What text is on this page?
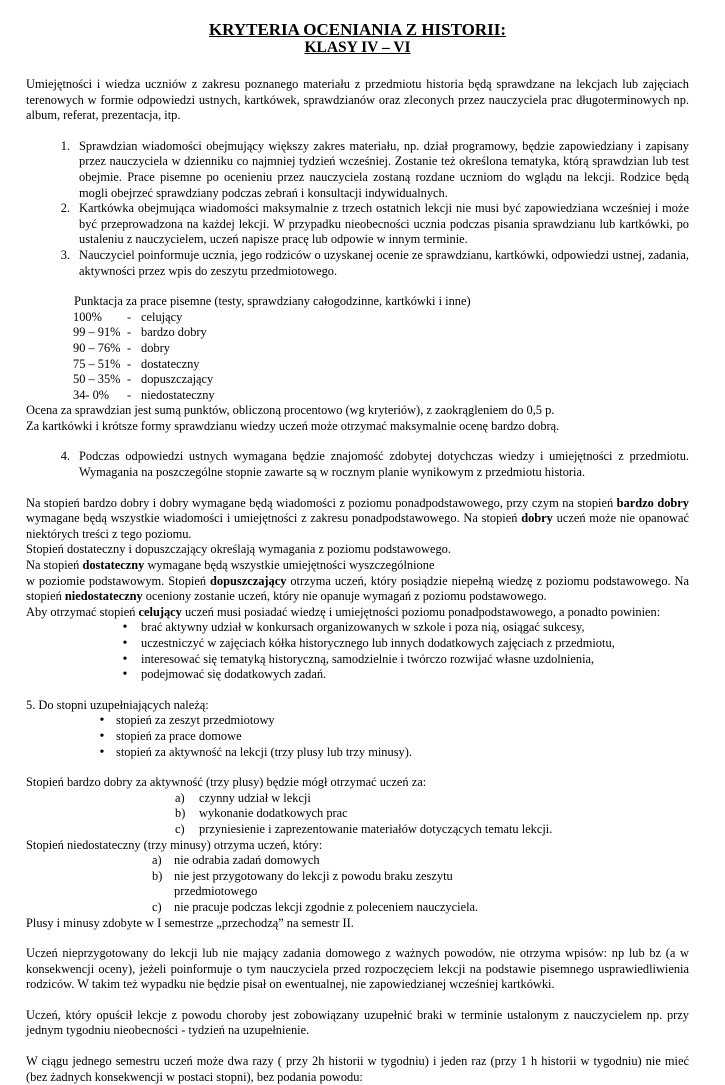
KRYTERIA OCENIANIA Z HISTORII:
KLASY IV – VI

Umiejętności i wiedza uczniów z zakresu poznanego materiału z przedmiotu historia będą sprawdzane na lekcjach lub zajęciach terenowych w formie odpowiedzi ustnych, kartkówek, sprawdzianów oraz zleconych przez nauczyciela prac długoterminowych np. album, referat, prezentacja, itp.

1. Sprawdzian wiadomości obejmujący większy zakres materiału, np. dział programowy, będzie zapowiedziany i zapisany przez nauczyciela w dzienniku co najmniej tydzień wcześniej. Zostanie też określona tematyka, którą sprawdzian lub test obejmie. Prace pisemne po ocenieniu przez nauczyciela zostaną rozdane uczniom do wglądu na lekcji. Rodzice będą mogli obejrzeć sprawdziany podczas zebrań i konsultacji indywidualnych.
2. Kartkówka obejmująca wiadomości maksymalnie z trzech ostatnich lekcji nie musi być zapowiedziana wcześniej i może być przeprowadzona na każdej lekcji. W przypadku nieobecności ucznia podczas pisania sprawdzianu lub kartkówki, po ustaleniu z nauczycielem, uczeń napisze pracę lub odpowie w innym terminie.
3. Nauczyciel poinformuje ucznia, jego rodziców o uzyskanej ocenie ze sprawdzianu, kartkówki, odpowiedzi ustnej, zadania, aktywności przez wpis do zeszytu przedmiotowego.

Punktacja za prace pisemne (testy, sprawdziany całogodzinne, kartkówki i inne)

100%	- celujący
99 – 91% - bardzo dobry
90 – 76% - dobry
75 – 51% - dostateczny
50 – 35% - dopuszczający
34- 0%	- niedostateczny

Ocena za sprawdzian jest sumą punktów, obliczoną procentowo (wg kryteriów), z zaokrągleniem do 0,5 p.

Za kartkówki i krótsze formy sprawdzianu wiedzy uczeń może otrzymać maksymalnie ocenę bardzo dobrą.

4. Podczas odpowiedzi ustnych wymagana będzie znajomość zdobytej dotychczas wiedzy i umiejętności z przedmiotu. Wymagania na poszczególne stopnie zawarte są w rocznym planie wynikowym z przedmiotu historia.

Na stopień bardzo dobry i dobry wymagane będą wiadomości z poziomu ponadpodstawowego, przy czym na stopień bardzo dobry wymagane będą wszystkie wiadomości i umiejętności z zakresu ponadpodstawowego. Na stopień dobry uczeń może nie opanować niektórych treści z tego poziomu.

Stopień dostateczny i dopuszczający określają wymagania z poziomu podstawowego.

Na stopień dostateczny wymagane będą wszystkie umiejętności wyszczególnione

w poziomie podstawowym. Stopień dopuszczający otrzyma uczeń, który posiądzie niepełną wiedzę z poziomu podstawowego. Na stopień niedostateczny oceniony zostanie uczeń, który nie opanuje wymagań z poziomu podstawowego.

Aby otrzymać stopień celujący uczeń musi posiadać wiedzę i umiejętności poziomu ponadpodstawowego, a ponadto powinien:

•
brać aktywny udział w konkursach organizowanych w szkole i poza nią, osiągać sukcesy,
•
uczestniczyć w zajęciach kółka historycznego lub innych dodatkowych zajęciach z przedmiotu,
•
interesować się tematyką historyczną, samodzielnie i twórczo rozwijać własne uzdolnienia,
•
podejmować się dodatkowych zadań.

5. Do stopni uzupełniających należą:

•
stopień za zeszyt przedmiotowy
•
stopień za prace domowe
•
stopień za aktywność na lekcji (trzy plusy lub trzy minusy).

Stopień bardzo dobry za aktywność (trzy plusy) będzie mógł otrzymać uczeń za:

a)	czynny udział w lekcji
b)	wykonanie dodatkowych prac
c)	przyniesienie i zaprezentowanie materiałów dotyczących tematu lekcji.

Stopień niedostateczny (trzy minusy) otrzyma uczeń, który:

a) nie odrabia zadań domowych
b) nie jest przygotowany do lekcji z powodu braku zeszytu
przedmiotowego
c) nie pracuje podczas lekcji zgodnie z poleceniem nauczyciela.

Plusy i minusy zdobyte w I semestrze „przechodzą” na semestr II.

Uczeń nieprzygotowany do lekcji lub nie mający zadania domowego z ważnych powodów, nie otrzyma wpisów: np lub bz (a w konsekwencji oceny), jeżeli poinformuje o tym nauczyciela przed rozpoczęciem lekcji na podstawie pisemnego usprawiedliwienia rodziców. W takim też wypadku nie będzie pisał on ewentualnej, nie zapowiedzianej wcześniej kartkówki.

Uczeń, który opuścił lekcje z powodu choroby jest zobowiązany uzupełnić braki w terminie ustalonym z nauczycielem np. przy jednym tygodniu nieobecności - tydzień na uzupełnienie.

W ciągu jednego semestru uczeń może dwa razy ( przy 2h historii w tygodniu) i jeden raz (przy 1 h historii w tygodniu) nie mieć (bez żadnych konsekwencji w postaci stopni), bez podania powodu:
